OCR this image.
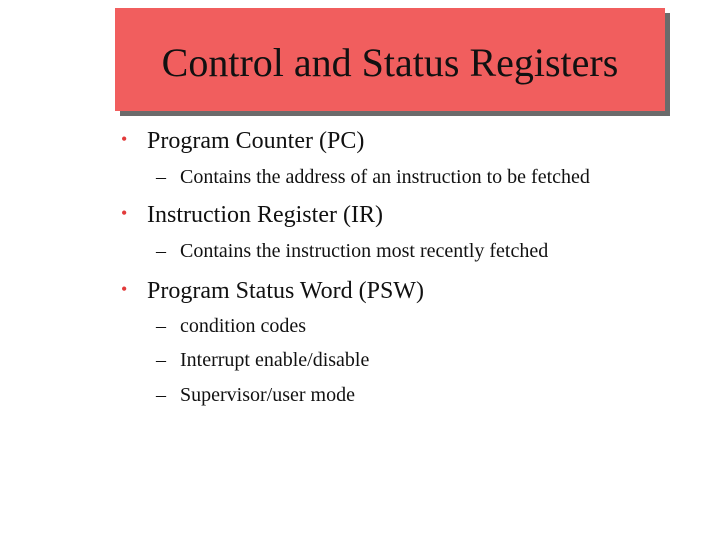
Control and Status Registers
• Program Counter (PC)
– Contains the address of an instruction to be fetched
• Instruction Register (IR)
– Contains the instruction most recently fetched
• Program Status Word (PSW)
– condition codes
– Interrupt enable/disable
– Supervisor/user mode
